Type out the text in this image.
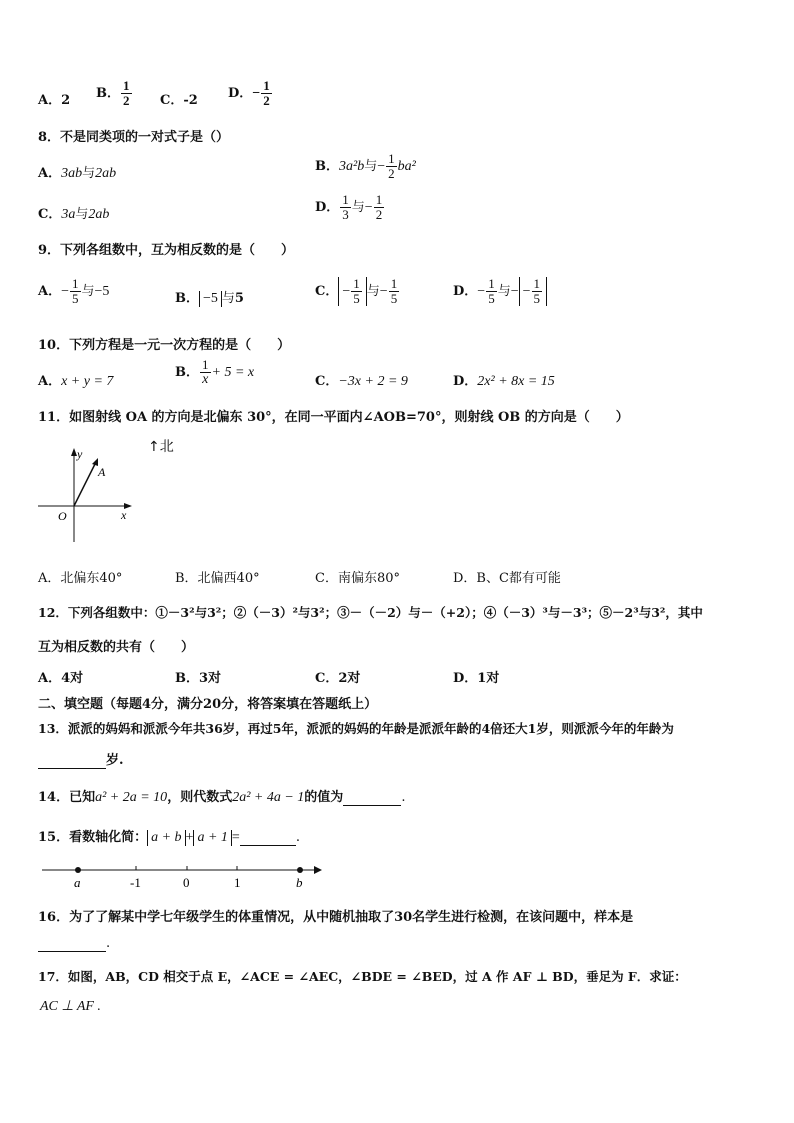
A．2 B． $\frac{1}{2}$ C．-2 D．− $\frac{1}{2}$
8．不是同类项的一对式子是（）
A．3ab与2ab	B．3a²b与− $\frac{1}{2} ba^2$
C．3a与2ab	D． $\frac{1}{3}$ 与− $\frac{1}{2}$
9．下列各组数中，互为相反数的是（　　）
A．− $\frac{1}{5}$ 与−5	B． −5 与5	C． − $\frac{1}{5}$ 与− $\frac{1}{5}$	D．− $\frac{1}{5}$ 与− − $\frac{1}{5}$
10．下列方程是一元一次方程的是（　　）
A．x + y = 7
B． $\frac{1}{x} + 5 = x$
C．−3x + 2 = 9	D．2x² + 8x = 15
11．如图射线 OA 的方向是北偏东 30°，在同一平面内∠AOB=70°，则射线 OB 的方向是（　　）
↑北
y
x
A
O
A．北偏东40°	B．北偏西40°	C．南偏东80°	D．B、C都有可能
12．下列各组数中：①－3²与3²；②（－3）²与3²；③－（－2）与－（+2）；④（－3）³与－3³；⑤－2³与3²，其中
互为相反数的共有（　　）
A．4对	B．3对	C．2对	D．1对
二、填空题（每题4分，满分20分，将答案填在答题纸上）
13．派派的妈妈和派派今年共36岁，再过5年，派派的妈妈的年龄是派派年龄的4倍还大1岁，则派派今年的年龄为
岁.
14．已知a² + 2a = 10，则代数式2a² + 4a − 1的值为	.
15．看数轴化简： a + b + a + 1 =	.
a	-1	0	1	b
16．为了了解某中学七年级学生的体重情况，从中随机抽取了30名学生进行检测，在该问题中，样本是
.
17．如图，AB，CD 相交于点 E，∠ACE = ∠AEC，∠BDE = ∠BED，过 A 作 AF ⊥ BD，垂足为 F．求证：
AC ⊥ AF .
